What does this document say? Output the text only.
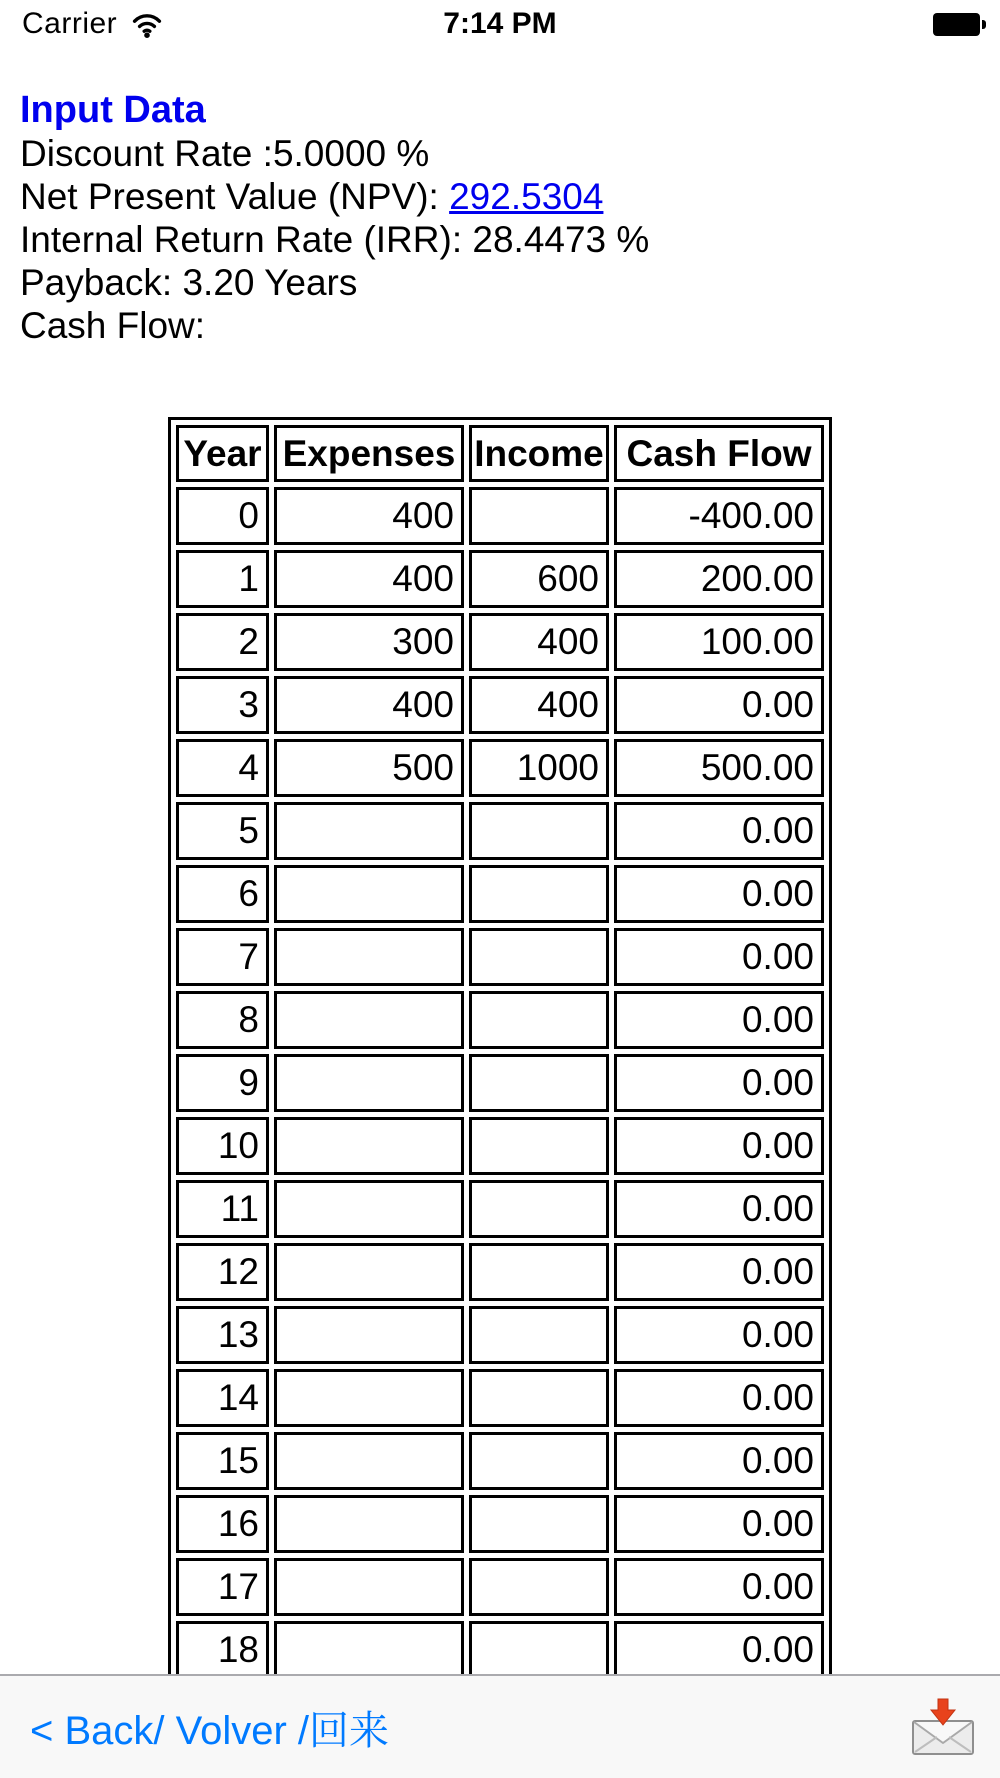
Carrier	7:14 PM
Input Data
Discount Rate :5.0000 %
Net Present Value (NPV): 292.5304
Internal Return Rate (IRR): 28.4473 %
Payback: 3.20 Years
Cash Flow:
Year	Expenses	Income	Cash Flow
0	400		-400.00
1	400	600	200.00
2	300	400	100.00
3	400	400	0.00
4	500	1000	500.00
5			0.00
6			0.00
7			0.00
8			0.00
9			0.00
10			0.00
11			0.00
12			0.00
13			0.00
14			0.00
15			0.00
16			0.00
17			0.00
18			0.00
< Back/ Volver /回来
